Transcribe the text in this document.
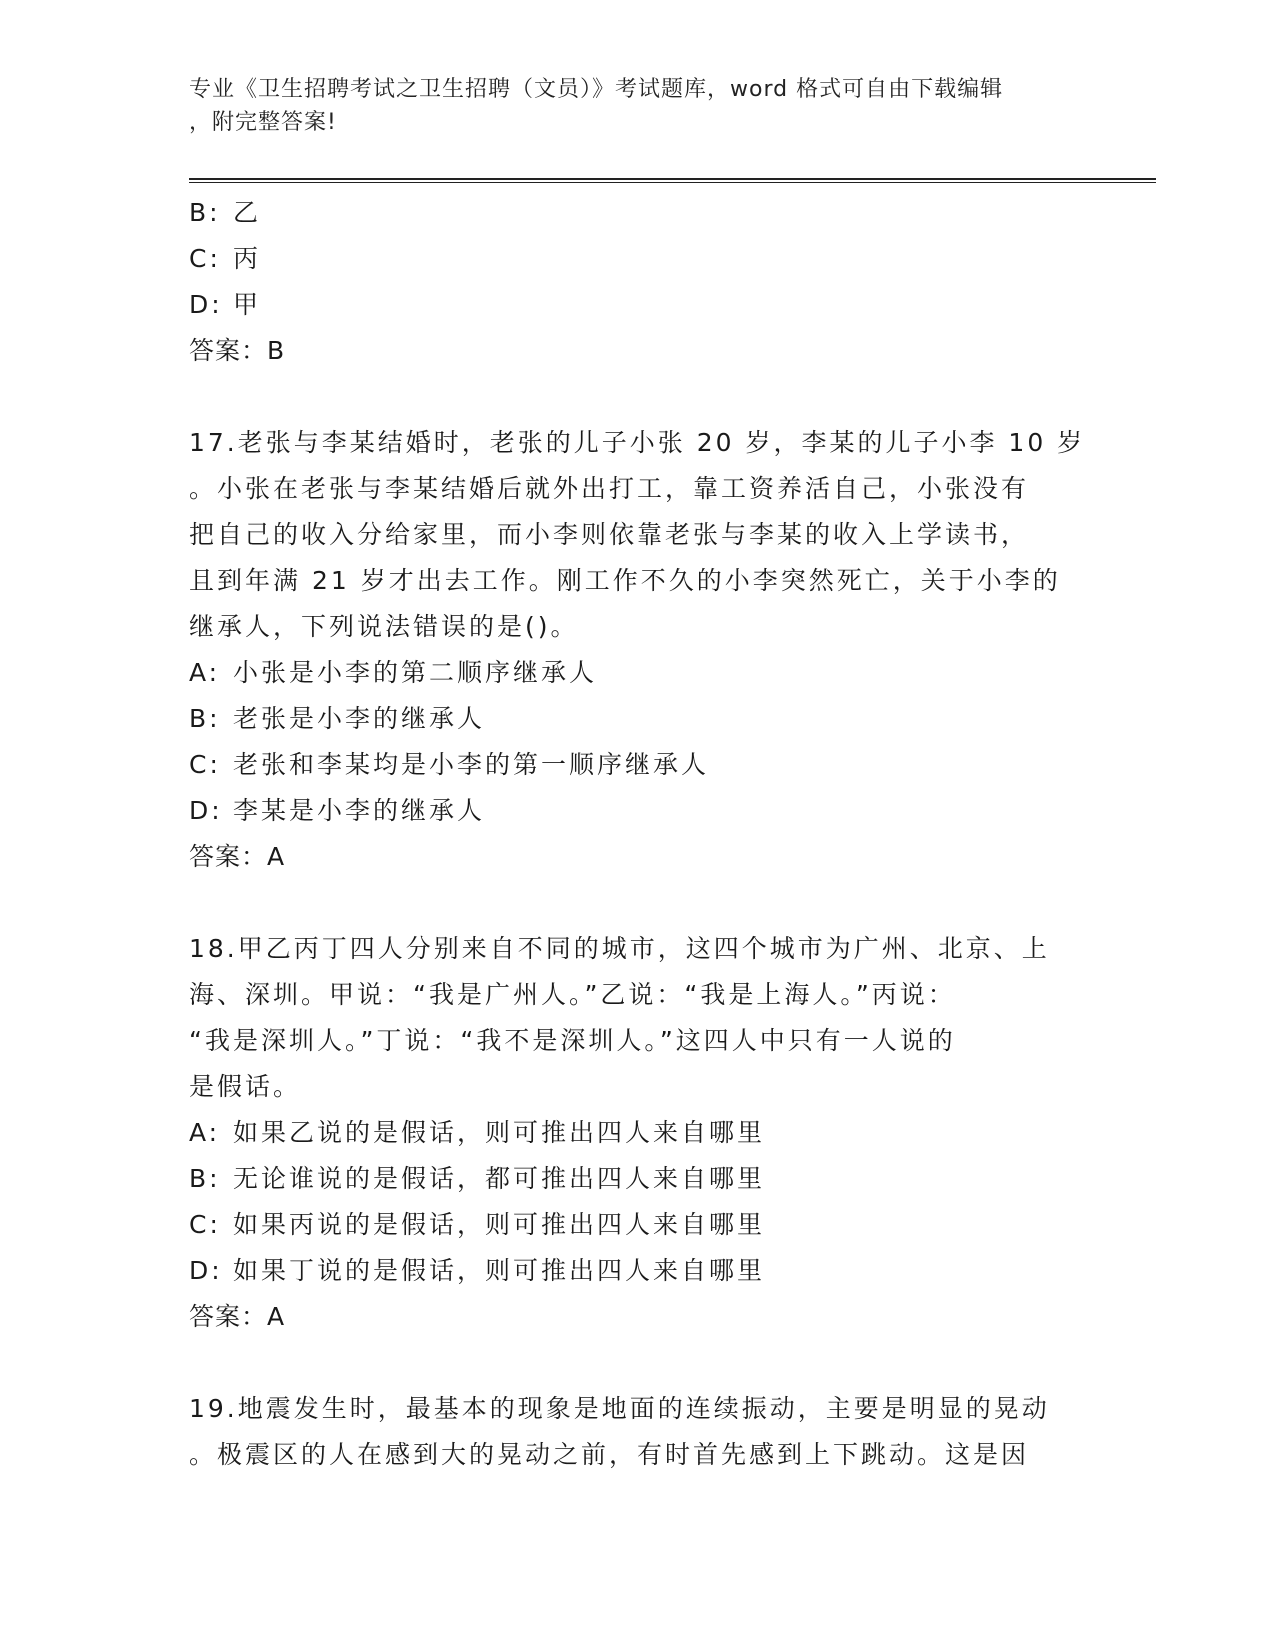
专业《卫生招聘考试之卫生招聘（文员）》考试题库，word 格式可自由下载编辑
，附完整答案!
B: 乙
C: 丙
D: 甲
答案：B
17.老张与李某结婚时，老张的儿子小张 20 岁，李某的儿子小李 10 岁
。小张在老张与李某结婚后就外出打工，靠工资养活自己，小张没有
把自己的收入分给家里，而小李则依靠老张与李某的收入上学读书，
且到年满 21 岁才出去工作。刚工作不久的小李突然死亡，关于小李的
继承人，下列说法错误的是()。
A: 小张是小李的第二顺序继承人
B: 老张是小李的继承人
C: 老张和李某均是小李的第一顺序继承人
D: 李某是小李的继承人
答案：A
18.甲乙丙丁四人分别来自不同的城市，这四个城市为广州、北京、上
海、深圳。甲说：“我是广州人。”乙说：“我是上海人。”丙说：
“我是深圳人。”丁说：“我不是深圳人。”这四人中只有一人说的
是假话。
A: 如果乙说的是假话，则可推出四人来自哪里
B: 无论谁说的是假话，都可推出四人来自哪里
C: 如果丙说的是假话，则可推出四人来自哪里
D: 如果丁说的是假话，则可推出四人来自哪里
答案：A
19.地震发生时，最基本的现象是地面的连续振动，主要是明显的晃动
。极震区的人在感到大的晃动之前，有时首先感到上下跳动。这是因
